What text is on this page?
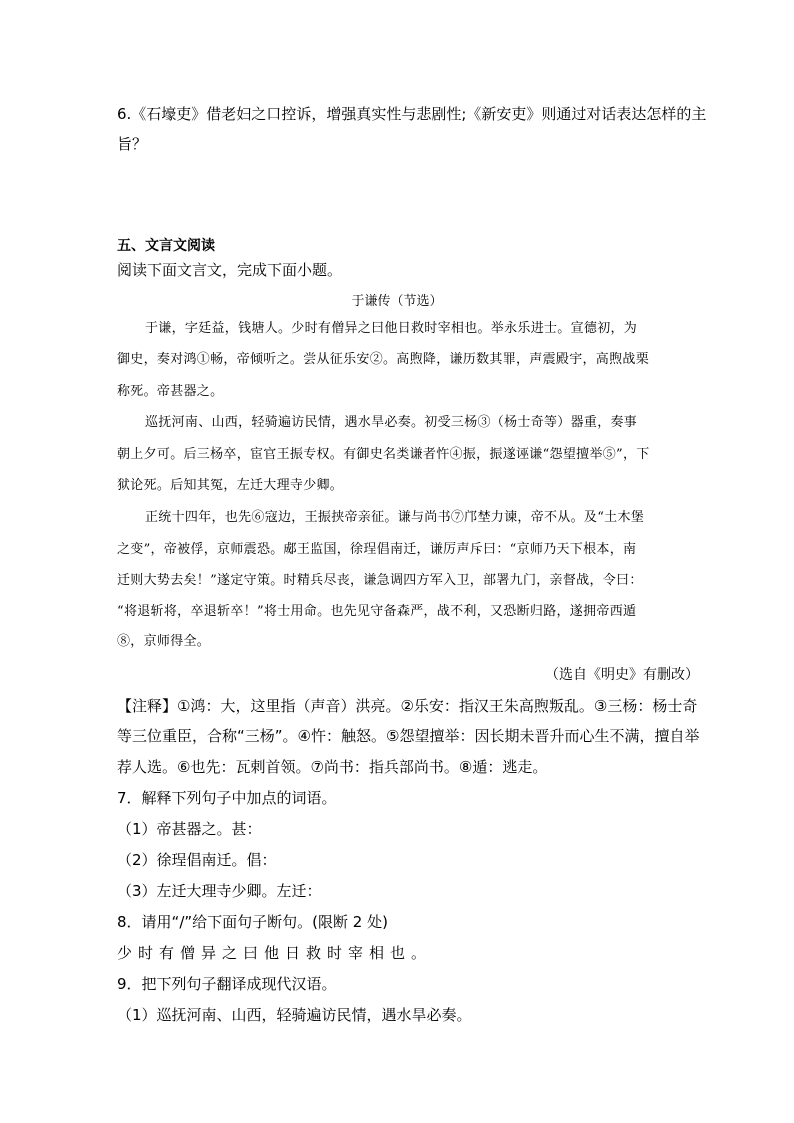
6.《石壕吏》借老妇之口控诉，增强真实性与悲剧性;《新安吏》则通过对话表达怎样的主
旨？
五、文言文阅读
阅读下面文言文，完成下面小题。
于谦传（节选）
于谦，字廷益，钱塘人。少时有僧异之曰他日救时宰相也。举永乐进士。宣德初，为
御史，奏对鸿①畅，帝倾听之。尝从征乐安②。高煦降，谦历数其罪，声震殿宇，高煦战栗
称死。帝甚器之。
巡抚河南、山西，轻骑遍访民情，遇水旱必奏。初受三杨③（杨士奇等）器重，奏事
朝上夕可。后三杨卒，宦官王振专权。有御史名类谦者忤④振，振遂诬谦“怨望擅举⑤”，下
狱论死。后知其冤，左迁大理寺少卿。
正统十四年，也先⑥寇边，王振挟帝亲征。谦与尚书⑦邝埜力谏，帝不从。及“土木堡
之变”，帝被俘，京师震恐。郕王监国，徐珵倡南迁，谦厉声斥曰：“京师乃天下根本，南
迁则大势去矣！”遂定守策。时精兵尽丧，谦急调四方军入卫，部署九门，亲督战，令曰：
“将退斩将，卒退斩卒！”将士用命。也先见守备森严，战不利，又恐断归路，遂拥帝西遁
⑧，京师得全。
（选自《明史》有删改）
【注释】①鸿：大，这里指（声音）洪亮。②乐安：指汉王朱高煦叛乱。③三杨：杨士奇
等三位重臣，合称“三杨”。④忤：触怒。⑤怨望擅举：因长期未晋升而心生不满，擅自举
荐人选。⑥也先：瓦剌首领。⑦尚书：指兵部尚书。⑧遁：逃走。
7．解释下列句子中加点的词语。
（1）帝甚器之。甚：
（2）徐珵倡南迁。倡：
（3）左迁大理寺少卿。左迁：
8．请用“/”给下面句子断句。(限断 2 处)
少时有僧异之曰他日救时宰相也。
9．把下列句子翻译成现代汉语。
（1）巡抚河南、山西，轻骑遍访民情，遇水旱必奏。
